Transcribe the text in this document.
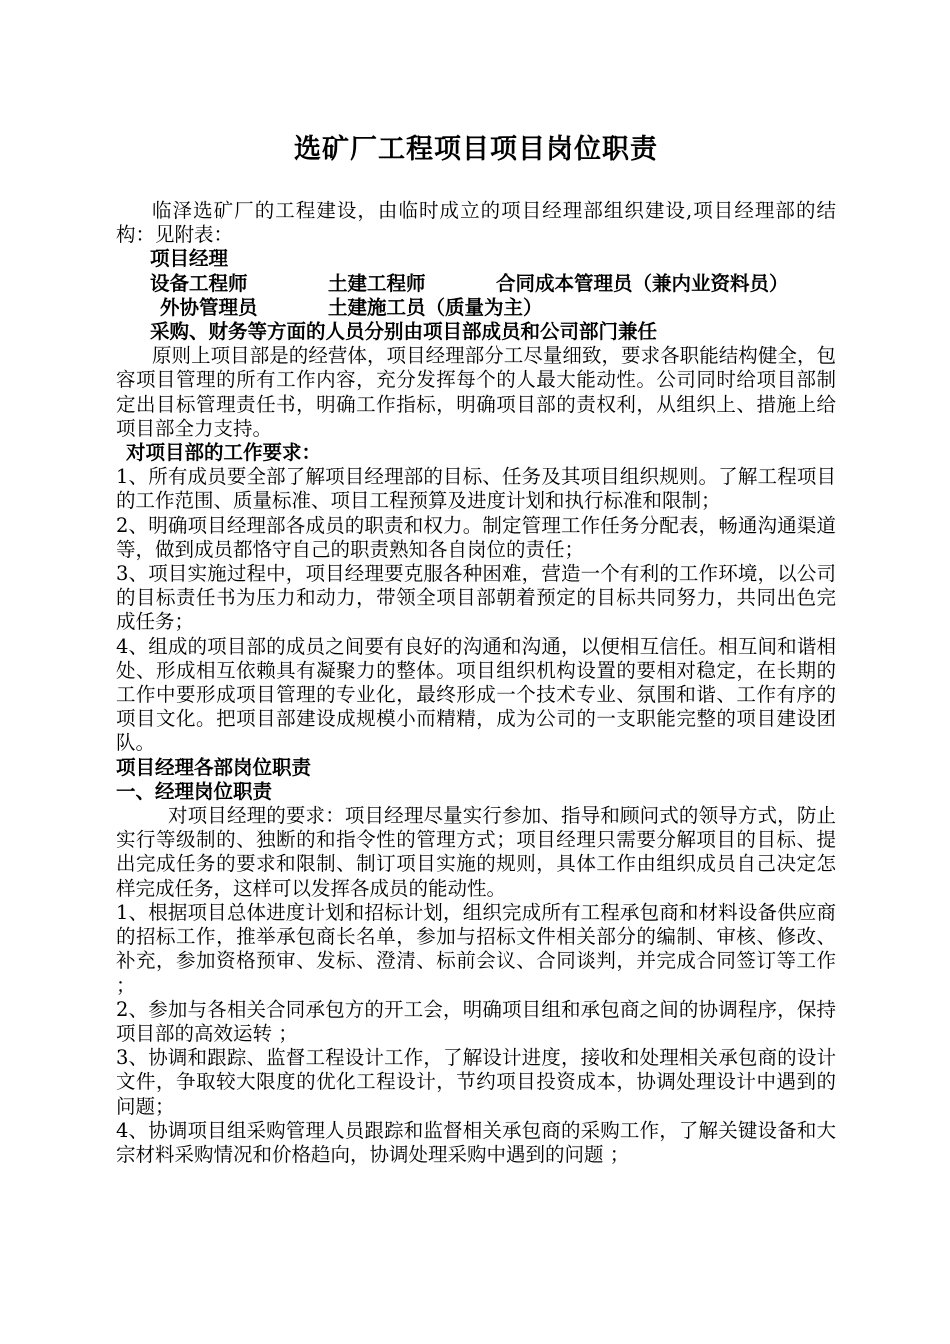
选矿厂工程项目项目岗位职责

临泽选矿厂的工程建设，由临时成立的项目经理部组织建设,项目经理部的结构：见附表：

项目经理

设备工程师	土建工程师	合同成本管理员（兼内业资料员）

外协管理员	土建施工员（质量为主）

采购、财务等方面的人员分别由项目部成员和公司部门兼任

原则上项目部是的经营体，项目经理部分工尽量细致，要求各职能结构健全，包容项目管理的所有工作内容，充分发挥每个的人最大能动性。公司同时给项目部制定出目标管理责任书，明确工作指标，明确项目部的责权利，从组织上、措施上给项目部全力支持。

对项目部的工作要求：

1、所有成员要全部了解项目经理部的目标、任务及其项目组织规则。了解工程项目的工作范围、质量标准、项目工程预算及进度计划和执行标准和限制；

2、明确项目经理部各成员的职责和权力。制定管理工作任务分配表，畅通沟通渠道等，做到成员都恪守自己的职责熟知各自岗位的责任；

3、项目实施过程中，项目经理要克服各种困难，营造一个有利的工作环境，以公司的目标责任书为压力和动力，带领全项目部朝着预定的目标共同努力，共同出色完成任务；

4、组成的项目部的成员之间要有良好的沟通和沟通，以便相互信任。相互间和谐相处、形成相互依赖具有凝聚力的整体。项目组织机构设置的要相对稳定，在长期的工作中要形成项目管理的专业化，最终形成一个技术专业、氛围和谐、工作有序的项目文化。把项目部建设成规模小而精精，成为公司的一支职能完整的项目建设团队。

项目经理各部岗位职责

一、经理岗位职责

对项目经理的要求：项目经理尽量实行参加、指导和顾问式的领导方式，防止实行等级制的、独断的和指令性的管理方式；项目经理只需要分解项目的目标、提出完成任务的要求和限制、制订项目实施的规则，具体工作由组织成员自己决定怎样完成任务，这样可以发挥各成员的能动性。

1、根据项目总体进度计划和招标计划，组织完成所有工程承包商和材料设备供应商的招标工作，推举承包商长名单，参加与招标文件相关部分的编制、审核、修改、补充，参加资格预审、发标、澄清、标前会议、合同谈判，并完成合同签订等工作 ；

2、参加与各相关合同承包方的开工会，明确项目组和承包商之间的协调程序，保持项目部的高效运转 ；

3、协调和跟踪、监督工程设计工作，了解设计进度，接收和处理相关承包商的设计文件，争取较大限度的优化工程设计，节约项目投资成本，协调处理设计中遇到的问题；

4、协调项目组采购管理人员跟踪和监督相关承包商的采购工作，了解关键设备和大宗材料采购情况和价格趋向，协调处理采购中遇到的问题 ；
